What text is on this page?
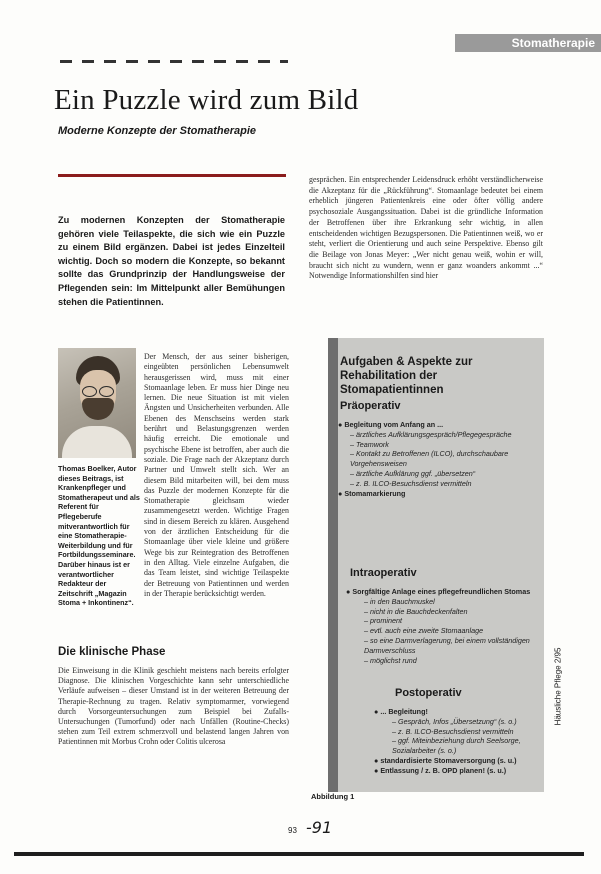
Stomatherapie
Ein Puzzle wird zum Bild
Moderne Konzepte der Stomatherapie

Zu modernen Konzepten der Stomatherapie gehören viele Teilaspekte, die sich wie ein Puzzle zu einem Bild ergänzen. Dabei ist jedes Einzelteil wichtig. Doch so modern die Konzepte, so bekannt sollte das Grundprinzip der Handlungsweise der Pflegenden sein: Im Mittelpunkt aller Bemühungen stehen die Patientinnen.

gesprächen. Ein entsprechender Leidensdruck erhöht verständlicherweise die Akzeptanz für die „Rückführung“. Stomaanlage bedeutet bei einem erheblich jüngeren Patientenkreis eine oder öfter völlig andere psychosoziale Ausgangssituation. Dabei ist die gründliche Information der Betroffenen über ihre Erkrankung sehr wichtig, in allen entscheidenden wichtigen Bezugspersonen. Die Patientinnen weiß, wo er steht, verliert die Orientierung und auch seine Perspektive. Ebenso gilt die Beilage von Jonas Meyer: „Wer nicht genau weiß, wohin er will, braucht sich nicht zu wundern, wenn er ganz woanders ankommt ...“ Notwendige Informationshilfen sind hier

Thomas Boelker, Autor dieses Beitrags, ist Krankenpfleger und Stomatherapeut und als Referent für Pflegeberufe mitverantwortlich für eine Stomatherapie-Weiterbildung und für Fortbildungsseminare. Darüber hinaus ist er verantwortlicher Redakteur der Zeitschrift „Magazin Stoma + Inkontinenz“.

Der Mensch, der aus seiner bisherigen, eingeübten persönlichen Lebensumwelt herausgerissen wird, muss mit einer Stomaanlage leben. Er muss hier Dinge neu lernen. Die neue Situation ist mit vielen Ängsten und Unsicherheiten verbunden. Alle Ebenen des Menschseins werden stark berührt und Belastungsgrenzen werden häufig erreicht. Die emotionale und psychische Ebene ist betroffen, aber auch die soziale. Die Frage nach der Akzeptanz durch Partner und Umwelt stellt sich. Wer an diesem Bild mitarbeiten will, bei dem muss das Puzzle der modernen Konzepte für die Stomatherapie gleichsam wieder zusammengesetzt werden. Wichtige Fragen sind in diesem Bereich zu klären. Ausgehend von der ärztlichen Entscheidung für die Stomaanlage über viele kleine und größere Wege bis zur Reintegration des Betroffenen in den Alltag. Viele einzelne Aufgaben, die das Team leistet, sind wichtige Teilaspekte der Betreuung von Patientinnen und werden in der Therapie berücksichtigt werden.

Die klinische Phase

Die Einweisung in die Klinik geschieht meistens nach bereits erfolgter Diagnose. Die klinischen Vorgeschichte kann sehr unterschiedliche Verläufe aufweisen – dieser Umstand ist in der weiteren Betreuung der Therapie-Rechnung zu tragen. Relativ symptomarmer, vorwiegend durch Vorsorgeuntersuchungen zum Beispiel bei Zufalls-Untersuchungen (Tumorfund) oder nach Unfällen (Routine-Checks) stehen zum Teil extrem schmerzvoll und belastend langen Jahren von Patientinnen mit Morbus Crohn oder Colitis ulcerosa

Aufgaben & Aspekte zur Rehabilitation der Stomapatientinnen
Präoperativ
● Begleitung vom Anfang an ...
– ärztliches Aufklärungsgespräch/Pflegegespräche
– Teamwork
– Kontakt zu Betroffenen (ILCO), durchschaubare Vorgehensweisen
– ärztliche Aufklärung ggf. „übersetzen“
– z. B. ILCO-Besuchsdienst vermitteln
● Stomamarkierung
Intraoperativ
● Sorgfältige Anlage eines pflegefreundlichen Stomas
– in den Bauchmuskel
– nicht in die Bauchdeckenfalten
– prominent
– evtl. auch eine zweite Stomaanlage
– so eine Darmverlagerung, bei einem vollständigen
Darmverschluss
– möglichst rund
Postoperativ
● ... Begleitung!
– Gespräch, Infos „Übersetzung“ (s. o.)
– z. B. ILCO-Besuchsdienst vermitteln
– ggf. Miteinbeziehung durch Seelsorge, Sozialarbeiter (s. o.)
● standardisierte Stomaversorgung (s. u.)
● Entlassung / z. B. OPD planen! (s. u.)
Abbildung 1
Häusliche Pflege 2/95
93 -91
